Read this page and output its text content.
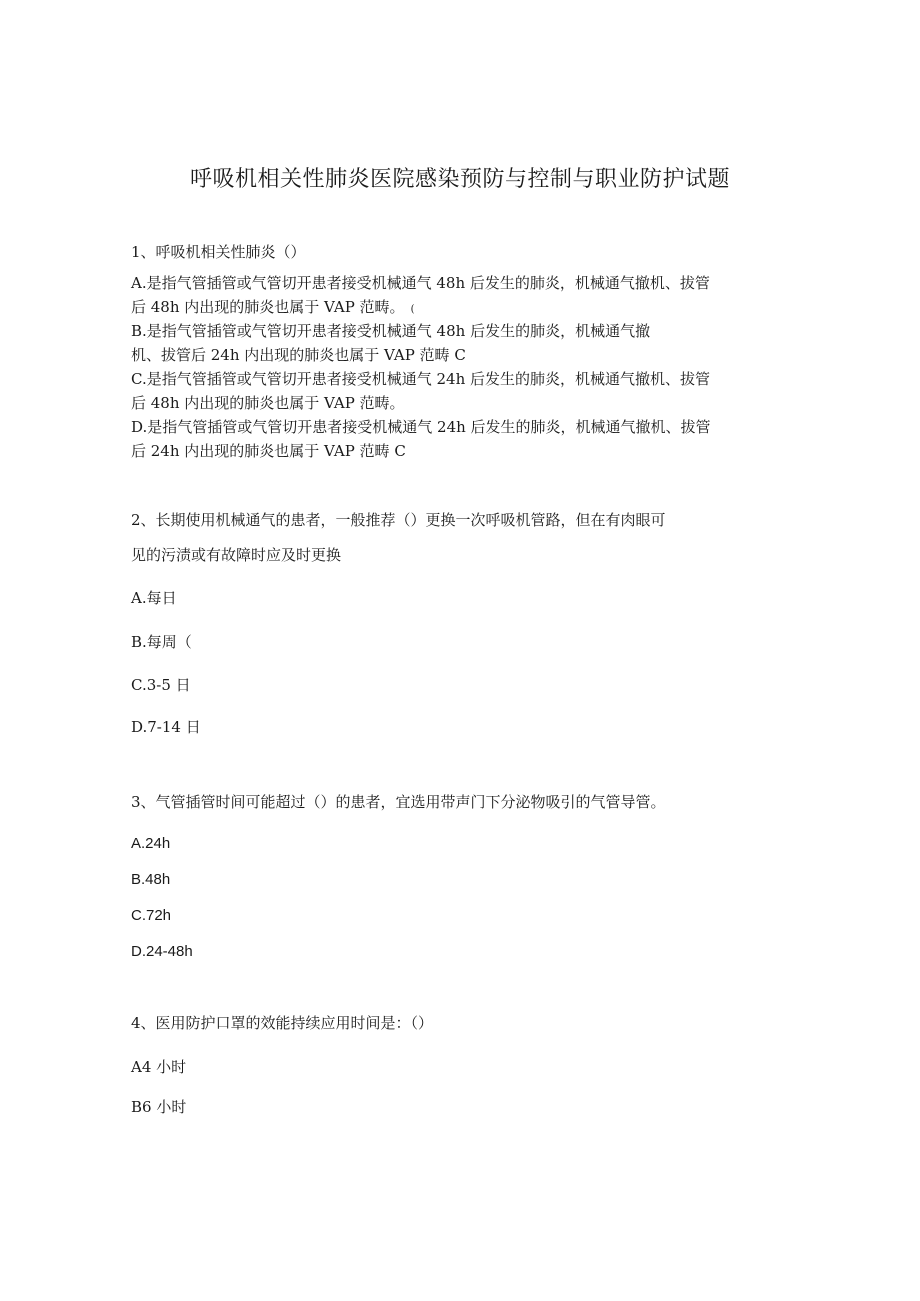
呼吸机相关性肺炎医院感染预防与控制与职业防护试题
1、呼吸机相关性肺炎（）
A.是指气管插管或气管切开患者接受机械通气 48h 后发生的肺炎，机械通气撤机、拔管
后 48h 内出现的肺炎也属于 VAP 范畴。 (
B.是指气管插管或气管切开患者接受机械通气 48h 后发生的肺炎，机械通气撤
机、拔管后 24h 内出现的肺炎也属于 VAP 范畴 C
C.是指气管插管或气管切开患者接受机械通气 24h 后发生的肺炎，机械通气撤机、拔管
后 48h 内出现的肺炎也属于 VAP 范畴。
D.是指气管插管或气管切开患者接受机械通气 24h 后发生的肺炎，机械通气撤机、拔管
后 24h 内出现的肺炎也属于 VAP 范畴 C
2、长期使用机械通气的患者，一般推荐（）更换一次呼吸机管路，但在有肉眼可
见的污渍或有故障时应及时更换
A.每日
B.每周（
C.3-5 日
D.7-14 日
3、气管插管时间可能超过（）的患者，宜选用带声门下分泌物吸引的气管导管。
A.24h
B.48h
C.72h
D.24-48h
4、医用防护口罩的效能持续应用时间是：（）
A4 小时
B6 小时
